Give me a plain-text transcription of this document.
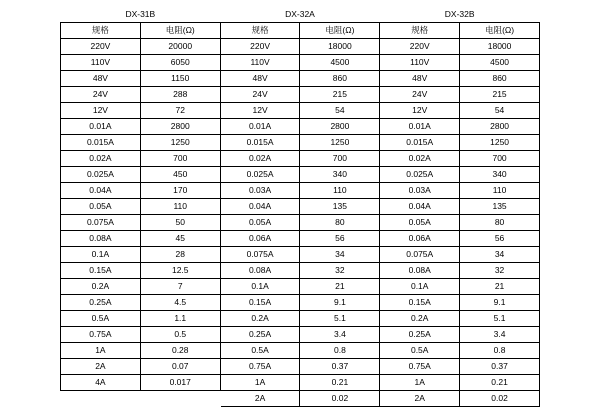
DX-31B		DX-32A		DX-32B	
规格	电阻(Ω)	规格	电阻(Ω)	规格	电阻(Ω)
220V	20000	220V	18000	220V	18000
110V	6050	110V	4500	110V	4500
48V	1150	48V	860	48V	860
24V	288	24V	215	24V	215
12V	72	12V	54	12V	54
0.01A	2800	0.01A	2800	0.01A	2800
0.015A	1250	0.015A	1250	0.015A	1250
0.02A	700	0.02A	700	0.02A	700
0.025A	450	0.025A	340	0.025A	340
0.04A	170	0.03A	110	0.03A	110
0.05A	110	0.04A	135	0.04A	135
0.075A	50	0.05A	80	0.05A	80
0.08A	45	0.06A	56	0.06A	56
0.1A	28	0.075A	34	0.075A	34
0.15A	12.5	0.08A	32	0.08A	32
0.2A	7	0.1A	21	0.1A	21
0.25A	4.5	0.15A	9.1	0.15A	9.1
0.5A	1.1	0.2A	5.1	0.2A	5.1
0.75A	0.5	0.25A	3.4	0.25A	3.4
1A	0.28	0.5A	0.8	0.5A	0.8
2A	0.07	0.75A	0.37	0.75A	0.37
4A	0.017	1A	0.21	1A	0.21
		2A	0.02	2A	0.02
